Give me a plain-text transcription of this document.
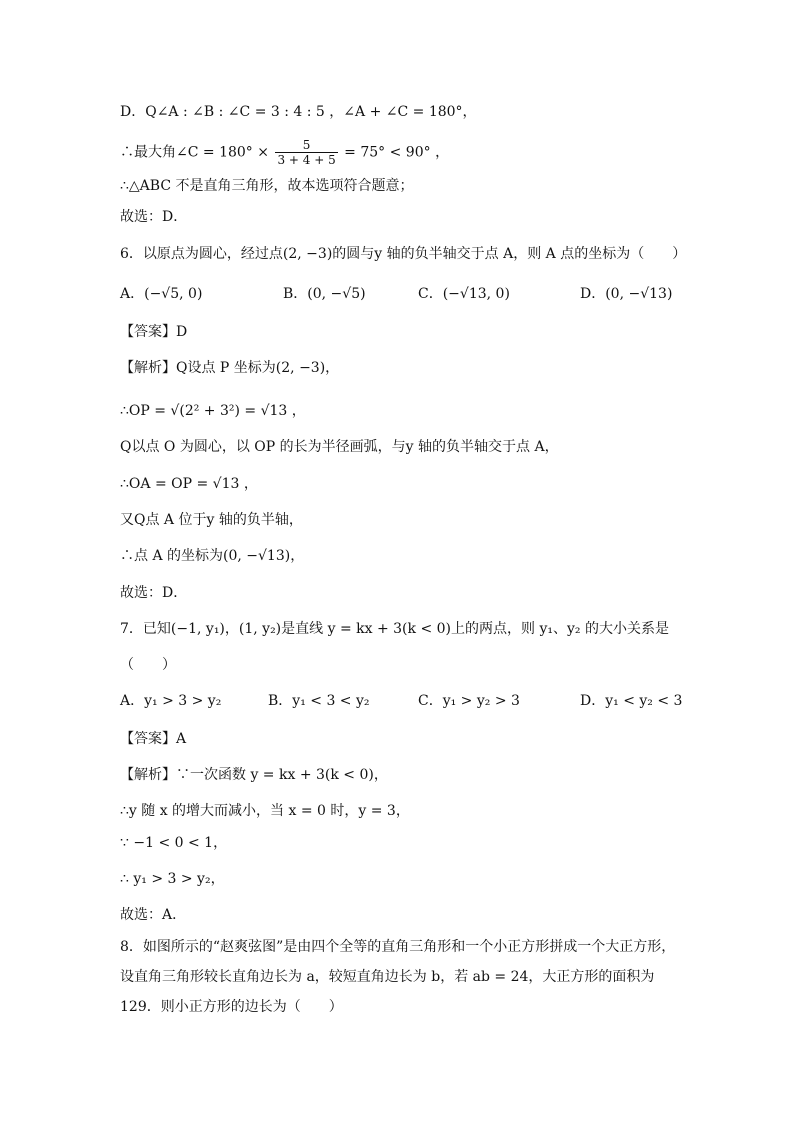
D．Q∠A : ∠B : ∠C = 3 : 4 : 5 ，∠A + ∠C = 180°，
∴最大角∠C = $180^\circ \times \frac{5}{3 + 4 + 5} = 75^\circ < 90^\circ$ ，
∴△ABC 不是直角三角形，故本选项符合题意；
故选：D．
6．以原点为圆心，经过点(2, −3)的圆与y 轴的负半轴交于点 A，则 A 点的坐标为（　　）
A．(−√5, 0)	B．(0, −√5)	C．(−√13, 0)	D．(0, −√13)
【答案】D
【解析】Q设点 P 坐标为(2, −3)，
∴OP = √(2² + 3²) = √13 ，
Q以点 O 为圆心，以 OP 的长为半径画弧，与y 轴的负半轴交于点 A，
∴OA = OP = √13 ，
又Q点 A 位于y 轴的负半轴，
∴点 A 的坐标为(0, −√13)，
故选：D．
7．已知(−1, y₁)，(1, y₂)是直线 y = kx + 3(k < 0)上的两点，则 y₁、y₂ 的大小关系是
（　　）
A．y₁ > 3 > y₂	B．y₁ < 3 < y₂	C．y₁ > y₂ > 3	D．y₁ < y₂ < 3
【答案】A
【解析】∵一次函数 y = kx + 3(k < 0)，
∴y 随 x 的增大而减小，当 x = 0 时，y = 3，
∵ −1 < 0 < 1，
∴ y₁ > 3 > y₂，
故选：A．
8．如图所示的“赵爽弦图”是由四个全等的直角三角形和一个小正方形拼成一个大正方形，
设直角三角形较长直角边长为 a，较短直角边长为 b，若 ab = 24，大正方形的面积为
129．则小正方形的边长为（　　）
